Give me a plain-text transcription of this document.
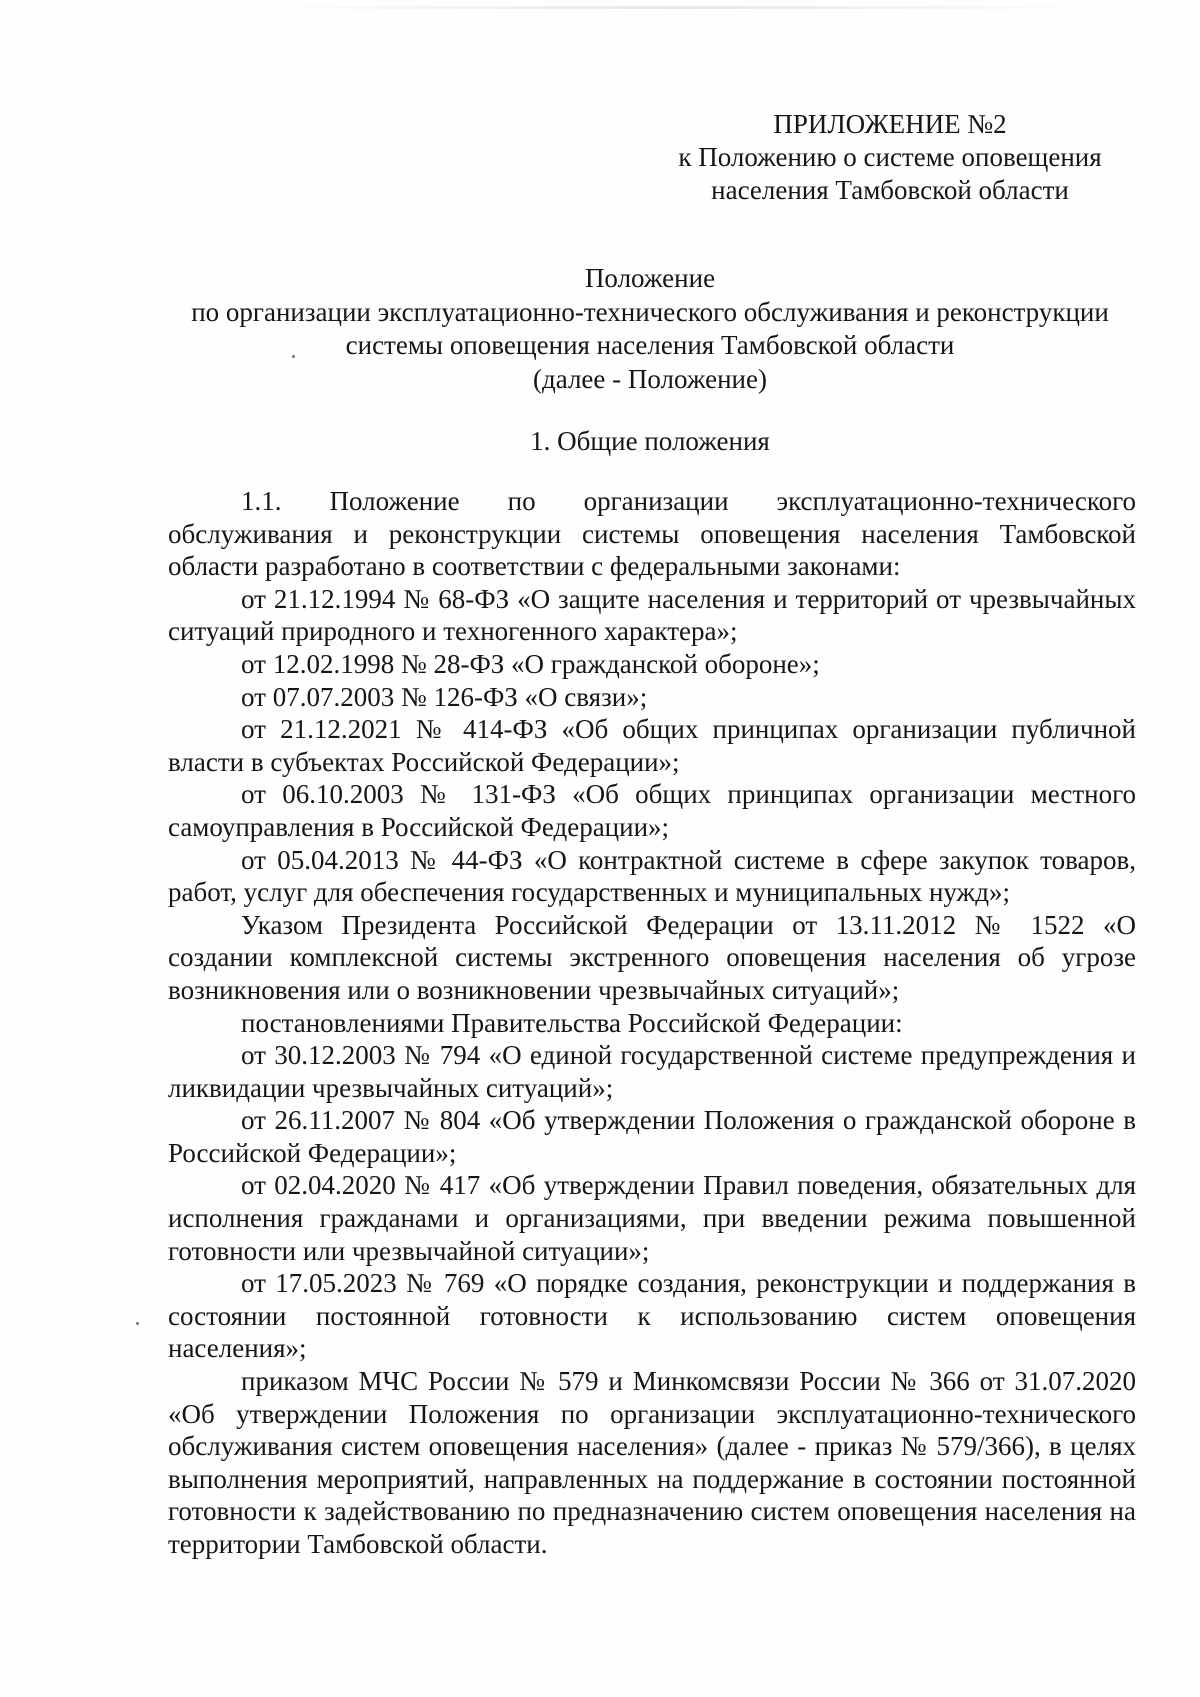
ПРИЛОЖЕНИЕ №2
к Положению о системе оповещения
населения Тамбовской области
Положение
по организации эксплуатационно-технического обслуживания и реконструкции
системы оповещения населения Тамбовской области
(далее - Положение)
1. Общие положения

1.1. Положение по организации эксплуатационно-технического обслуживания и реконструкции системы оповещения населения Тамбовской области разработано в соответствии с федеральными законами:

от 21.12.1994 № 68-ФЗ «О защите населения и территорий от чрезвычайных ситуаций природного и техногенного характера»;

от 12.02.1998 № 28-ФЗ «О гражданской обороне»;

от 07.07.2003 № 126-ФЗ «О связи»;

от 21.12.2021 № 414-ФЗ «Об общих принципах организации публичной власти в субъектах Российской Федерации»;

от 06.10.2003 № 131-ФЗ «Об общих принципах организации местного самоуправления в Российской Федерации»;

от 05.04.2013 № 44-ФЗ «О контрактной системе в сфере закупок товаров, работ, услуг для обеспечения государственных и муниципальных нужд»;

Указом Президента Российской Федерации от 13.11.2012 № 1522 «О создании комплексной системы экстренного оповещения населения об угрозе возникновения или о возникновении чрезвычайных ситуаций»;

постановлениями Правительства Российской Федерации:

от 30.12.2003 № 794 «О единой государственной системе предупреждения и ликвидации чрезвычайных ситуаций»;

от 26.11.2007 № 804 «Об утверждении Положения о гражданской обороне в Российской Федерации»;

от 02.04.2020 № 417 «Об утверждении Правил поведения, обязательных для исполнения гражданами и организациями, при введении режима повышенной готовности или чрезвычайной ситуации»;

от 17.05.2023 № 769 «О порядке создания, реконструкции и поддержания в состоянии постоянной готовности к использованию систем оповещения населения»;

приказом МЧС России № 579 и Минкомсвязи России № 366 от 31.07.2020 «Об утверждении Положения по организации эксплуатационно-технического обслуживания систем оповещения населения» (далее - приказ № 579/366), в целях выполнения мероприятий, направленных на поддержание в состоянии постоянной готовности к задействованию по предназначению систем оповещения населения на территории Тамбовской области.
